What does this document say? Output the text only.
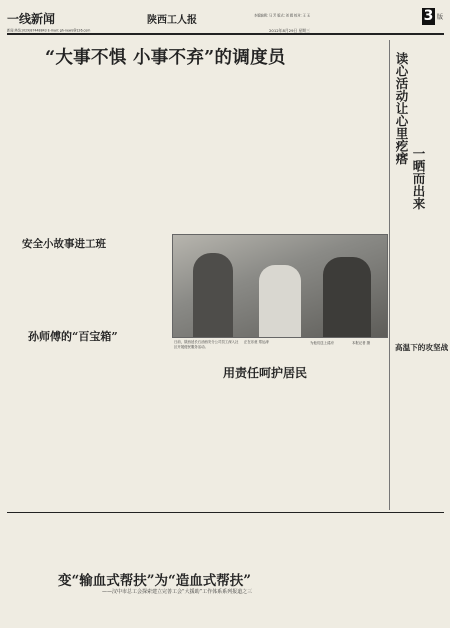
一线新闻	陕西工人报	本版编辑: 马 芳 版式: 刘 娟 校对: 王 玉	3 版
新闻 热线:(029)87448843 E-mail: gh-news@126.com	2012年8月29日 星期三
“大事不惧 小事不弃”的调度员	读心活动让心里疙瘩
一晒而出来
高温下的攻坚战
安全小故事进工班
孙师傅的“百宝箱”	日前，陕西延长石油西安分公司员工深入社区开展便民服务活动。
正在乐意 郑运涛	为他们送上清凉	本报记者 摄
用责任呵护居民
变“输血式帮扶”为“造血式帮扶”
——汉中市总工会探索建立完善工会“大援助”工作体系系列报道之三
